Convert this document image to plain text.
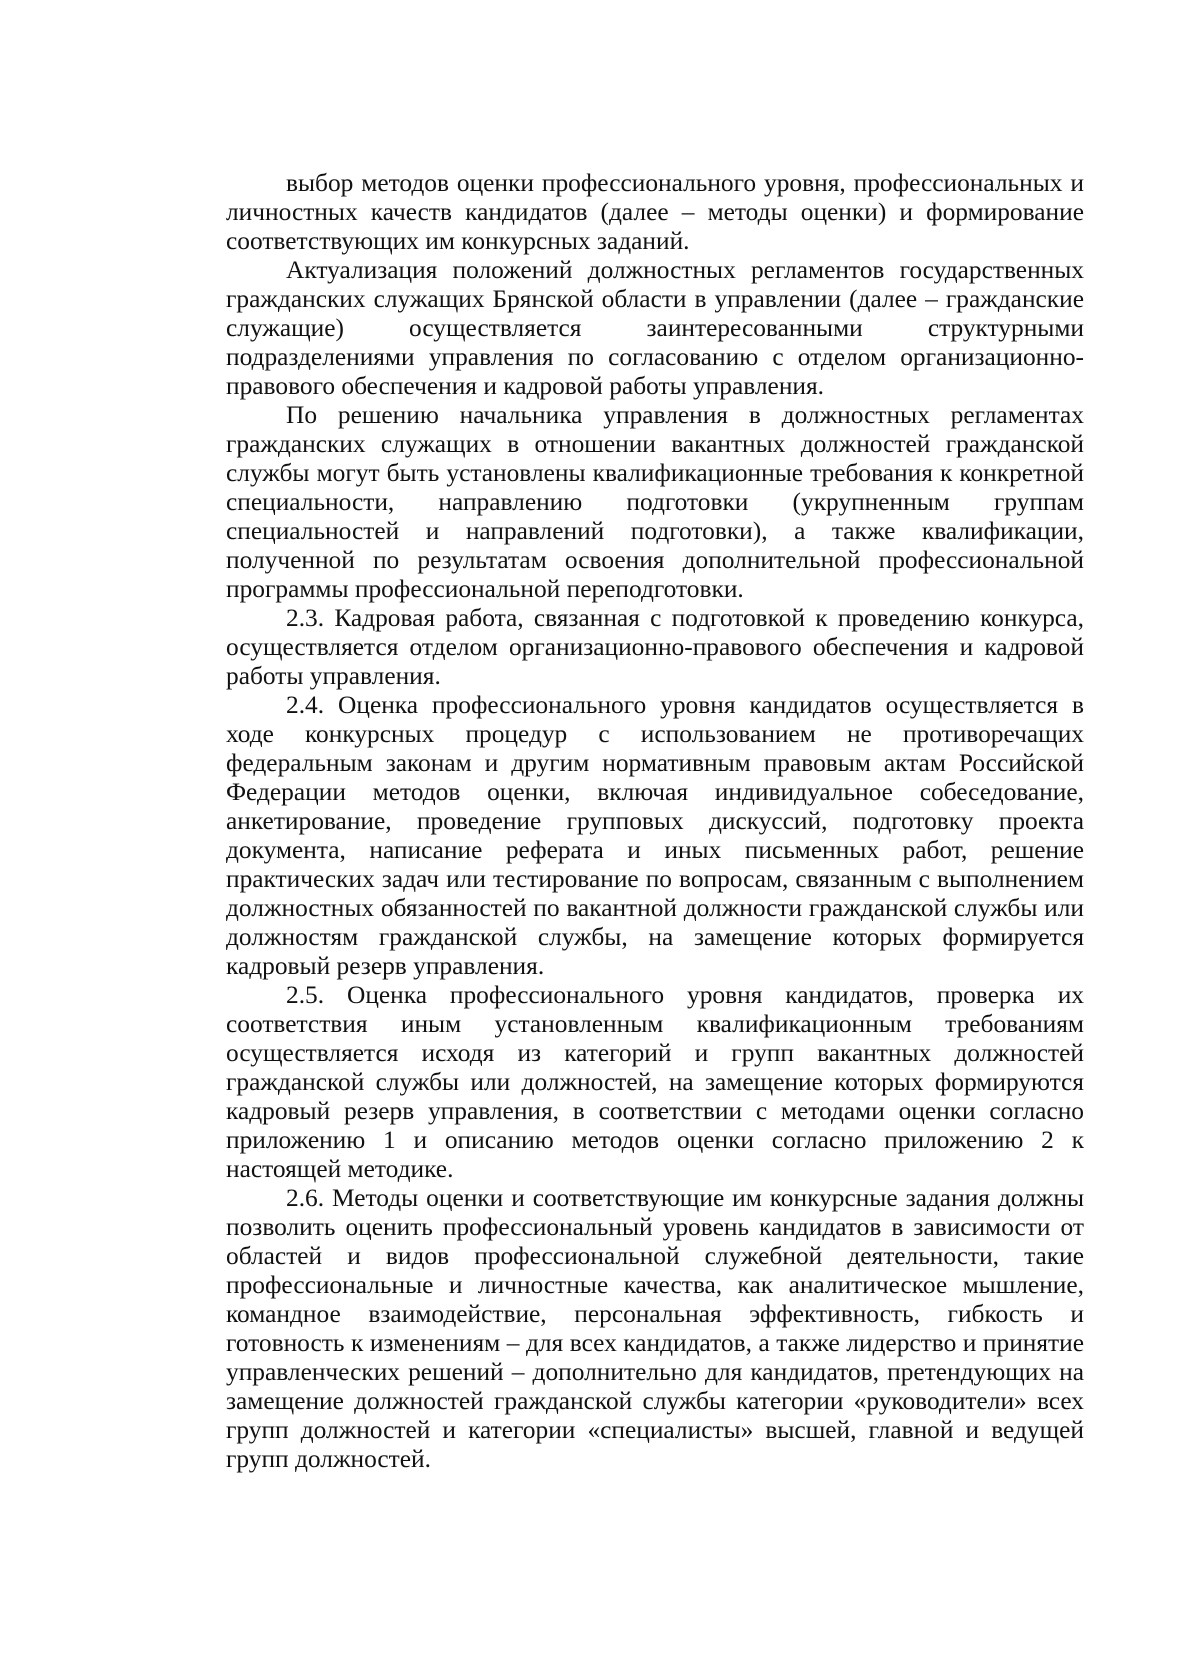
выбор методов оценки профессионального уровня, профессиональных и личностных качеств кандидатов (далее – методы оценки) и формирование соответствующих им конкурсных заданий.

Актуализация положений должностных регламентов государственных гражданских служащих Брянской области в управлении (далее – гражданские служащие) осуществляется заинтересованными структурными подразделениями управления по согласованию с отделом организационно-правового обеспечения и кадровой работы управления.

По решению начальника управления в должностных регламентах гражданских служащих в отношении вакантных должностей гражданской службы могут быть установлены квалификационные требования к конкретной специальности, направлению подготовки (укрупненным группам специальностей и направлений подготовки), а также квалификации, полученной по результатам освоения дополнительной профессиональной программы профессиональной переподготовки.

2.3. Кадровая работа, связанная с подготовкой к проведению конкурса, осуществляется отделом организационно-правового обеспечения и кадровой работы управления.

2.4. Оценка профессионального уровня кандидатов осуществляется в ходе конкурсных процедур с использованием не противоречащих федеральным законам и другим нормативным правовым актам Российской Федерации методов оценки, включая индивидуальное собеседование, анкетирование, проведение групповых дискуссий, подготовку проекта документа, написание реферата и иных письменных работ, решение практических задач или тестирование по вопросам, связанным с выполнением должностных обязанностей по вакантной должности гражданской службы или должностям гражданской службы, на замещение которых формируется кадровый резерв управления.

2.5. Оценка профессионального уровня кандидатов, проверка их соответствия иным установленным квалификационным требованиям осуществляется исходя из категорий и групп вакантных должностей гражданской службы или должностей, на замещение которых формируются кадровый резерв управления, в соответствии с методами оценки согласно приложению 1 и описанию методов оценки согласно приложению 2 к настоящей методике.

2.6. Методы оценки и соответствующие им конкурсные задания должны позволить оценить профессиональный уровень кандидатов в зависимости от областей и видов профессиональной служебной деятельности, такие профессиональные и личностные качества, как аналитическое мышление, командное взаимодействие, персональная эффективность, гибкость и готовность к изменениям – для всех кандидатов, а также лидерство и принятие управленческих решений – дополнительно для кандидатов, претендующих на замещение должностей гражданской службы категории «руководители» всех групп должностей и категории «специалисты» высшей, главной и ведущей групп должностей.
